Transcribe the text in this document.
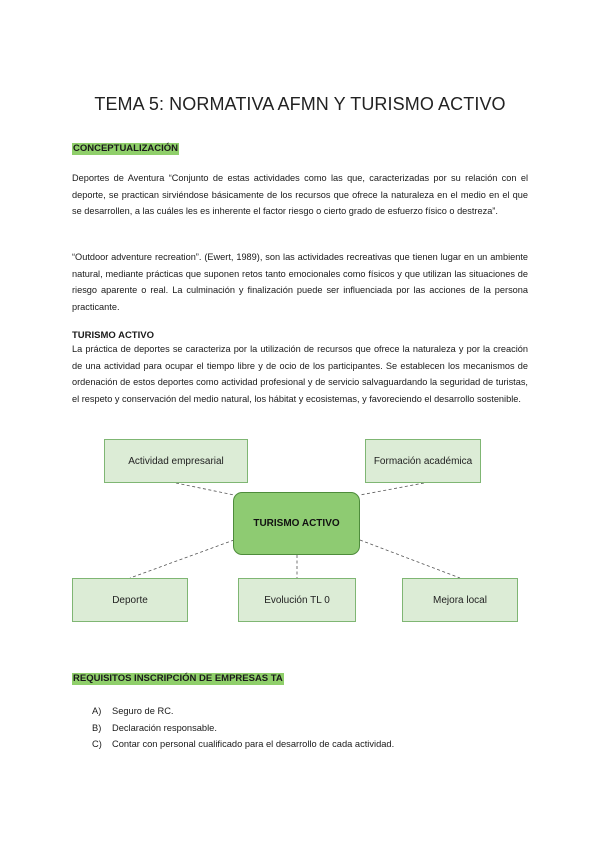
TEMA 5: NORMATIVA AFMN Y TURISMO ACTIVO
CONCEPTUALIZACIÓN

Deportes de Aventura “Conjunto de estas actividades como las que, caracterizadas por su relación con el deporte, se practican sirviéndose básicamente de los recursos que ofrece la naturaleza en el medio en el que se desarrollen, a las cuáles les es inherente el factor riesgo o cierto grado de esfuerzo físico o destreza”.

“Outdoor adventure recreation”. (Ewert, 1989), son las actividades recreativas que tienen lugar en un ambiente natural, mediante prácticas que suponen retos tanto emocionales como físicos y que utilizan las situaciones de riesgo aparente o real. La culminación y finalización puede ser influenciada por las acciones de la persona practicante.

TURISMO ACTIVO

La práctica de deportes se caracteriza por la utilización de recursos que ofrece la naturaleza y por la creación de una actividad para ocupar el tiempo libre y de ocio de los participantes. Se establecen los mecanismos de ordenación de estos deportes como actividad profesional y de servicio salvaguardando la seguridad de turistas, el respeto y conservación del medio natural, los hábitat y ecosistemas, y favoreciendo el desarrollo sostenible.

Actividad empresarial	Formación académica
TURISMO ACTIVO
Deporte	Evolución TL 0	Mejora local
REQUISITOS INSCRIPCIÓN DE EMPRESAS TA
A)	Seguro de RC.
B)	Declaración responsable.
C)	Contar con personal cualificado para el desarrollo de cada actividad.
